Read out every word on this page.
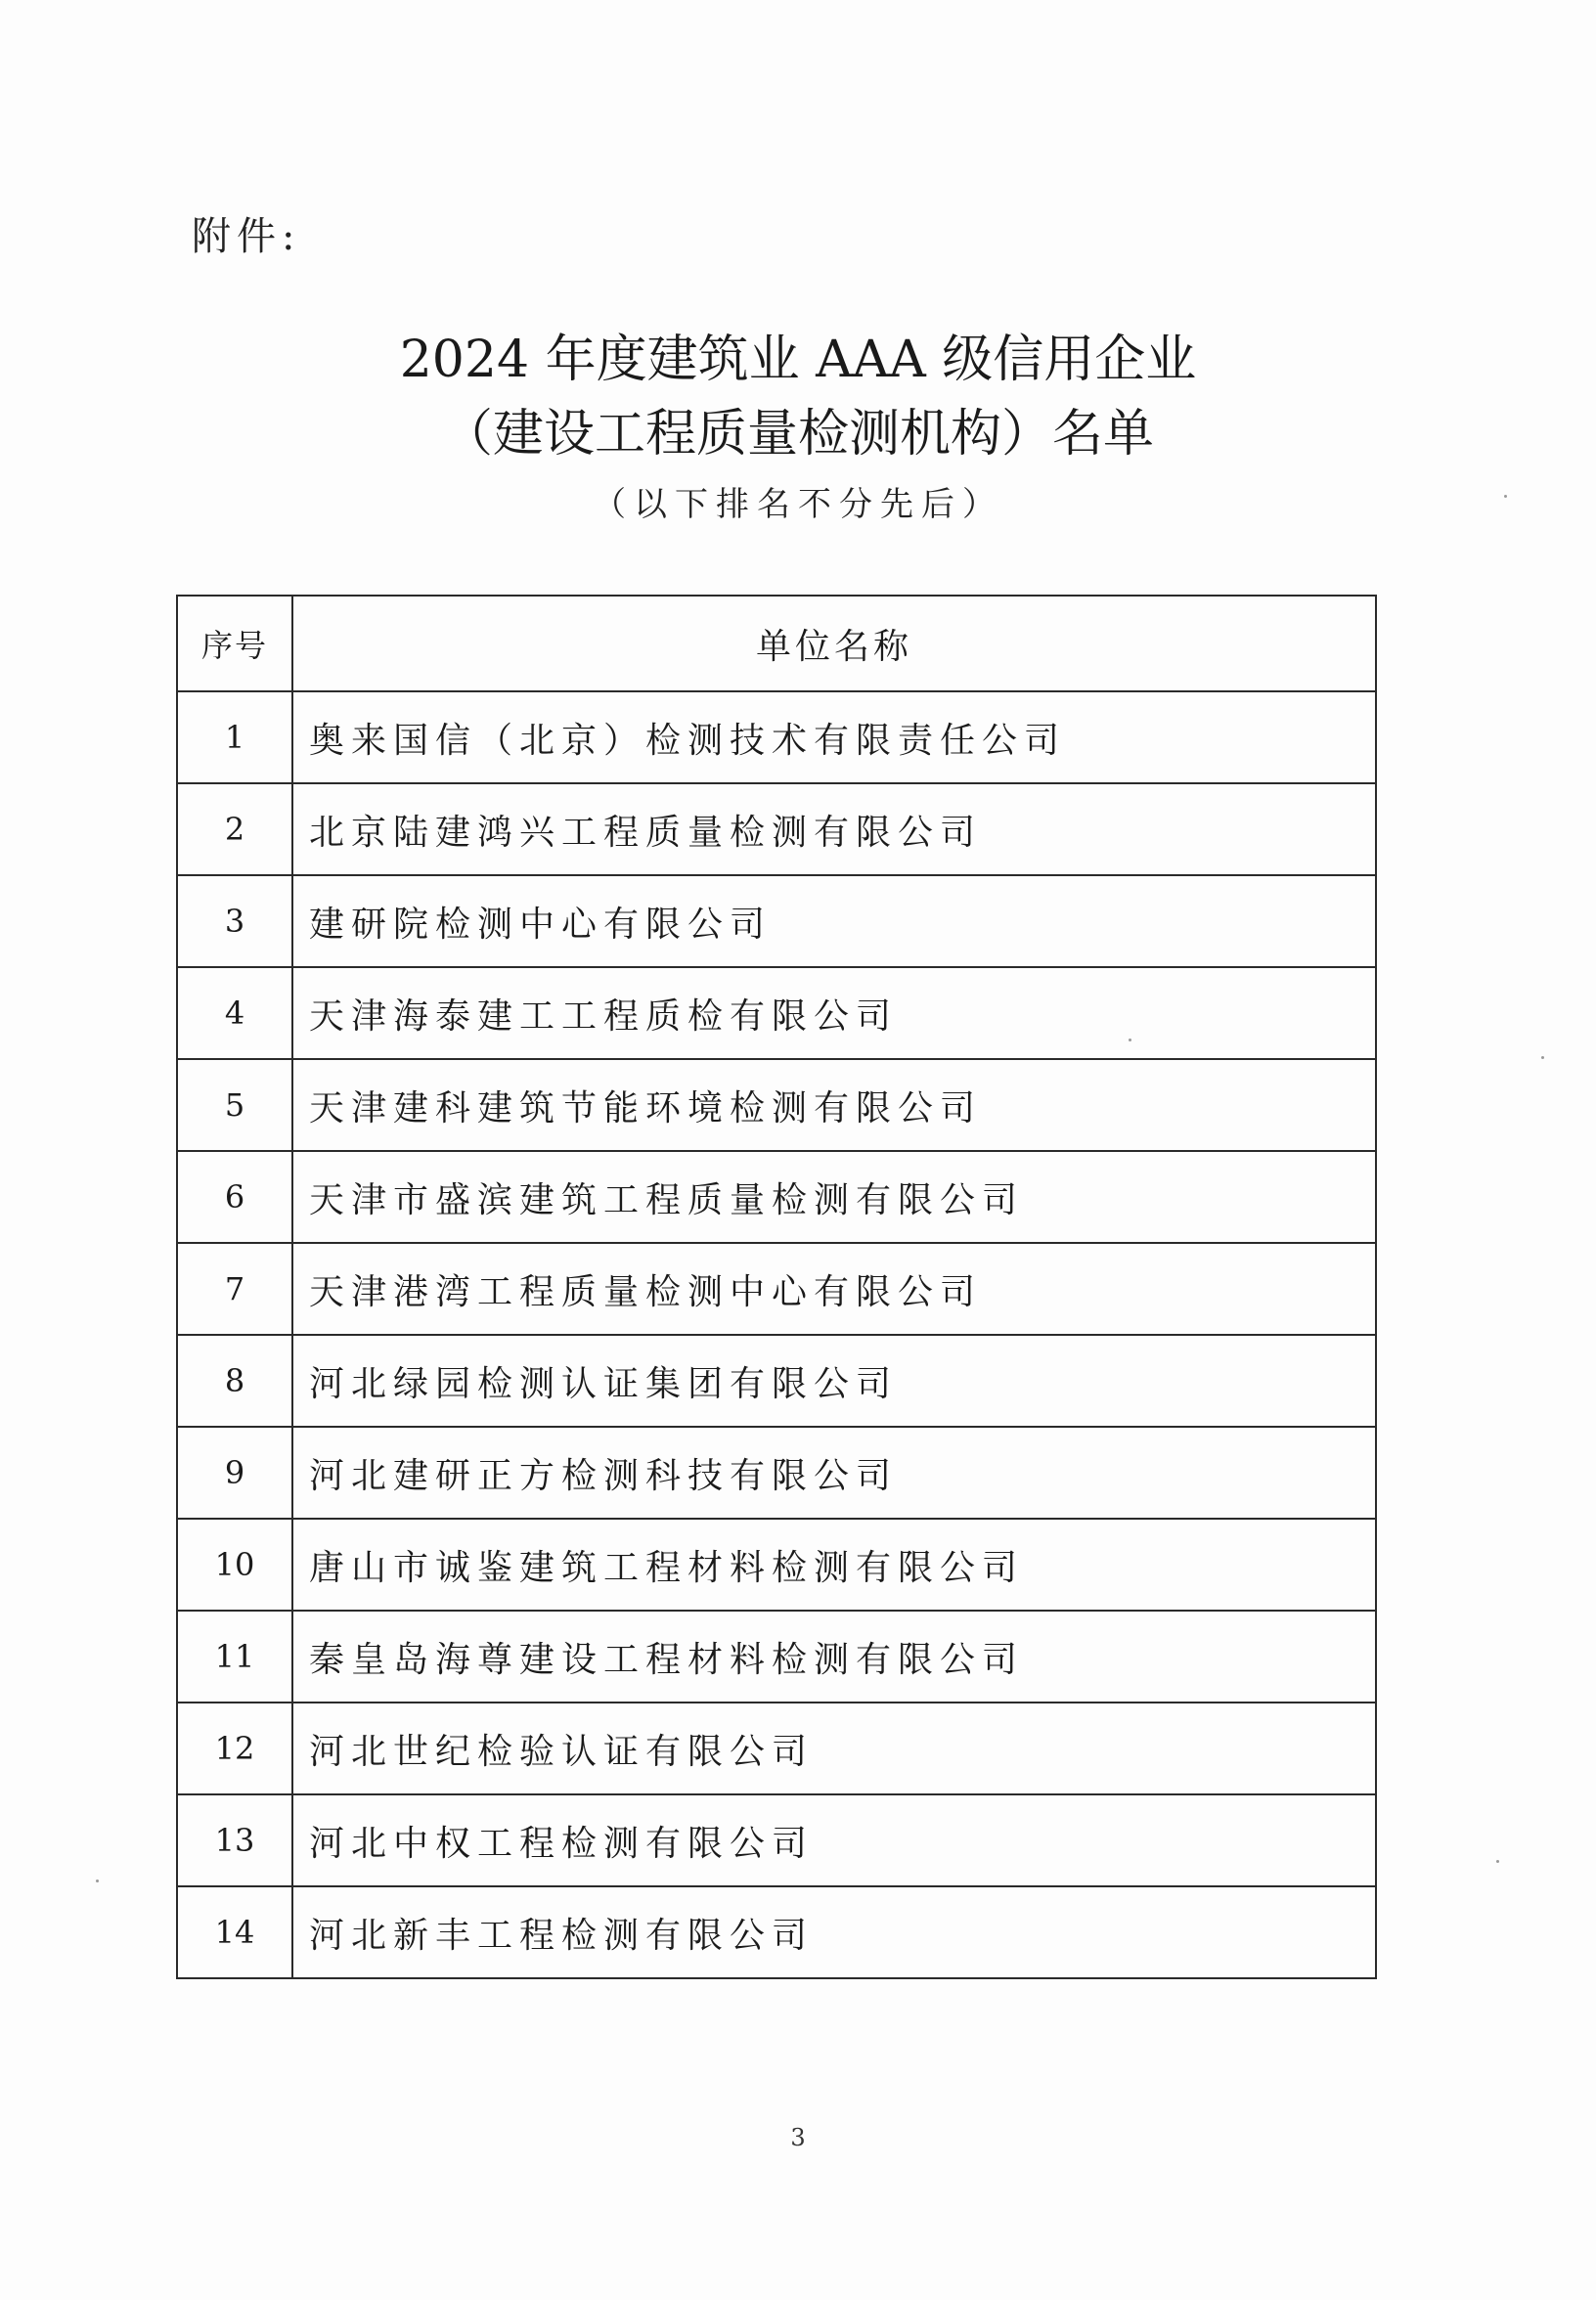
附件:
2024 年度建筑业 AAA 级信用企业
（建设工程质量检测机构）名单
（以下排名不分先后）
序号	单位名称
1	奥来国信（北京）检测技术有限责任公司
2	北京陆建鸿兴工程质量检测有限公司
3	建研院检测中心有限公司
4	天津海泰建工工程质检有限公司
5	天津建科建筑节能环境检测有限公司
6	天津市盛滨建筑工程质量检测有限公司
7	天津港湾工程质量检测中心有限公司
8	河北绿园检测认证集团有限公司
9	河北建研正方检测科技有限公司
10	唐山市诚鉴建筑工程材料检测有限公司
11	秦皇岛海尊建设工程材料检测有限公司
12	河北世纪检验认证有限公司
13	河北中权工程检测有限公司
14	河北新丰工程检测有限公司
3
